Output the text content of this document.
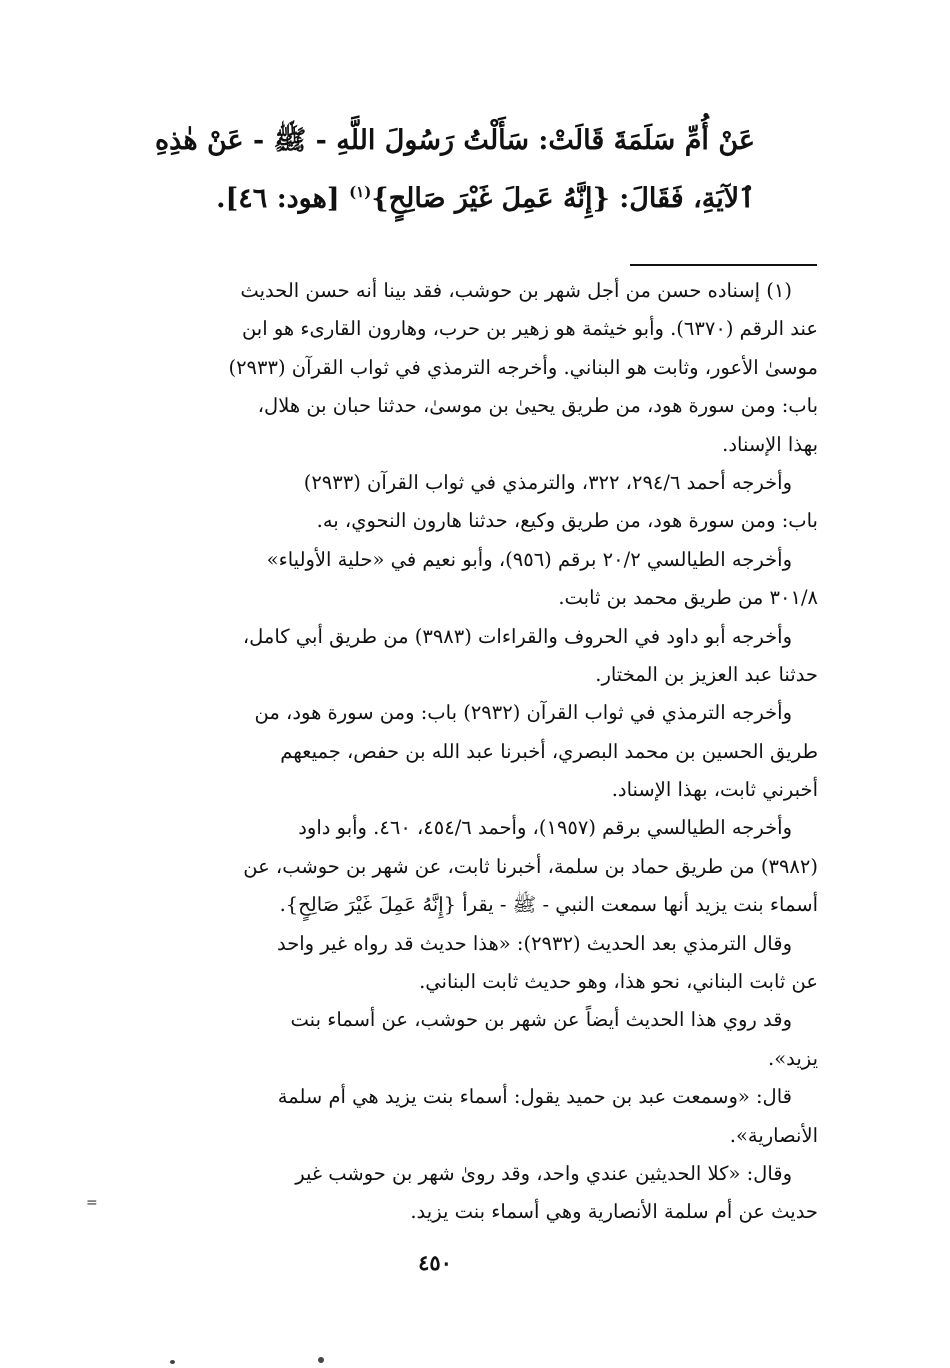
عَنْ أُمِّ سَلَمَةَ قَالَتْ: سَأَلْتُ رَسُولَ اللَّهِ - ﷺ - عَنْ هٰذِهِ
ٱلآيَةِ، فَقَالَ: {إِنَّهُ عَمِلَ غَيْرَ صَالِحٍ}$^{(١)}$ [هود: ٤٦].
(١) إسناده حسن من أجل شهر بن حوشب، فقد بينا أنه حسن الحديث
عند الرقم (٦٣٧٠). وأبو خيثمة هو زهير بن حرب، وهارون القارىء هو ابن
موسىٰ الأعور، وثابت هو البناني. وأخرجه الترمذي في ثواب القرآن (٢٩٣٣)
باب: ومن سورة هود، من طريق يحيىٰ بن موسىٰ، حدثنا حبان بن هلال،
بهذا الإسناد.
وأخرجه أحمد ٢٩٤/٦، ٣٢٢، والترمذي في ثواب القرآن (٢٩٣٣)
باب: ومن سورة هود، من طريق وكيع، حدثنا هارون النحوي، به.
وأخرجه الطيالسي ٢٠/٢ برقم (٩٥٦)، وأبو نعيم في «حلية الأولياء»
٣٠١/٨ من طريق محمد بن ثابت.
وأخرجه أبو داود في الحروف والقراءات (٣٩٨٣) من طريق أبي كامل،
حدثنا عبد العزيز بن المختار.
وأخرجه الترمذي في ثواب القرآن (٢٩٣٢) باب: ومن سورة هود، من
طريق الحسين بن محمد البصري، أخبرنا عبد الله بن حفص، جميعهم
أخبرني ثابت، بهذا الإسناد.
وأخرجه الطيالسي برقم (١٩٥٧)، وأحمد ٤٥٤/٦، ٤٦٠. وأبو داود
(٣٩٨٢) من طريق حماد بن سلمة، أخبرنا ثابت، عن شهر بن حوشب، عن
أسماء بنت يزيد أنها سمعت النبي - ﷺ - يقرأ {إِنَّهُ عَمِلَ غَيْرَ صَالِحٍ}.
وقال الترمذي بعد الحديث (٢٩٣٢): «هذا حديث قد رواه غير واحد
عن ثابت البناني، نحو هذا، وهو حديث ثابت البناني.
وقد روي هذا الحديث أيضاً عن شهر بن حوشب، عن أسماء بنت
يزيد».
قال: «وسمعت عبد بن حميد يقول: أسماء بنت يزيد هي أم سلمة
الأنصارية».
وقال: «كلا الحديثين عندي واحد، وقد روىٰ شهر بن حوشب غير
حديث عن أم سلمة الأنصارية وهي أسماء بنت يزيد.
٤٥٠
=
